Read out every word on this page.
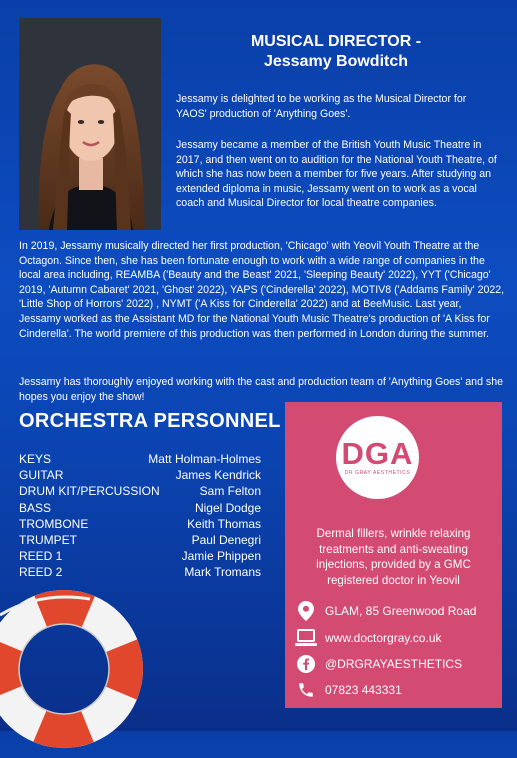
MUSICAL DIRECTOR -
Jessamy Bowditch
Jessamy is delighted to be working as the Musical Director for YAOS' production of 'Anything Goes'.
Jessamy became a member of the British Youth Music Theatre in 2017, and then went on to audition for the National Youth Theatre, of which she has now been a member for five years. After studying an extended diploma in music, Jessamy went on to work as a vocal coach and Musical Director for local theatre companies.
In 2019, Jessamy musically directed her first production, 'Chicago' with Yeovil Youth Theatre at the Octagon. Since then, she has been fortunate enough to work with a wide range of companies in the local area including, REAMBA ('Beauty and the Beast' 2021, 'Sleeping Beauty' 2022), YYT ('Chicago' 2019, 'Autumn Cabaret' 2021, 'Ghost' 2022), YAPS ('Cinderella' 2022), MOTIV8 ('Addams Family' 2022, 'Little Shop of Horrors' 2022) , NYMT ('A Kiss for Cinderella' 2022) and at BeeMusic. Last year, Jessamy worked as the Assistant MD for the National Youth Music Theatre's production of 'A Kiss for Cinderella'. The world premiere of this production was then performed in London during the summer.
Jessamy has thoroughly enjoyed working with the cast and production team of 'Anything Goes' and she hopes you enjoy the show!
ORCHESTRA PERSONNEL
KEYS	Matt Holman-Holmes
GUITAR	James Kendrick
DRUM KIT/PERCUSSION	Sam Felton
BASS	Nigel Dodge
TROMBONE	Keith Thomas
TRUMPET	Paul Denegri
REED 1	Jamie Phippen
REED 2	Mark Tromans
DGA
DR GRAY AESTHETICS
Dermal fillers, wrinkle relaxing treatments and anti-sweating injections, provided by a GMC registered doctor in Yeovil
GLAM, 85 Greenwood Road
www.doctorgray.co.uk
@DRGRAYAESTHETICS
07823 443331
